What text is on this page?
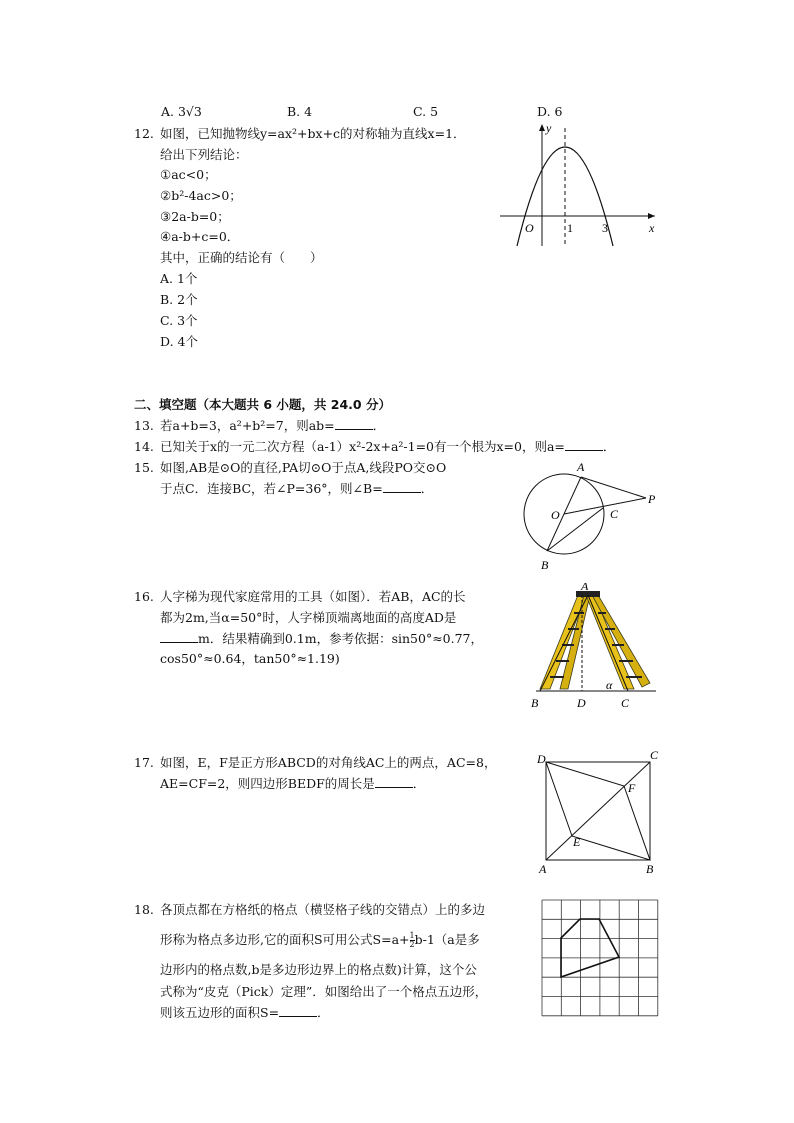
A. 3√3	B. 4	C. 5	D. 6
12. 如图，已知抛物线y=ax²+bx+c的对称轴为直线x=1．
给出下列结论：
①ac<0；
②b²-4ac>0；
③2a-b=0；
④a-b+c=0．
其中，正确的结论有（　　）
A. 1个
B. 2个
C. 3个
D. 4个
y
x
O	1 3
二、填空题（本大题共 6 小题，共 24.0 分）
13. 若a+b=3，a²+b²=7，则ab=	．
14. 已知关于x的一元二次方程（a-1）x²-2x+a²-1=0有一个根为x=0，则a=	．
15. 如图,AB是⊙O的直径,PA切⊙O于点A,线段PO交⊙O
于点C．连接BC，若∠P=36°，则∠B=	．
A
P
O	C
B
16. 人字梯为现代家庭常用的工具（如图）．若AB，AC的长
都为2m,当α=50°时，人字梯顶端离地面的高度AD是
m．结果精确到0.1m，参考依据：sin50°≈0.77，
cos50°≈0.64，tan50°≈1.19)
A
B	D	C
α
17. 如图，E，F是正方形ABCD的对角线AC上的两点，AC=8，
AE=CF=2，则四边形BEDF的周长是	．
D	C
F
E
A	B
18. 各顶点都在方格纸的格点（横竖格子线的交错点）上的多边
形称为格点多边形,它的面积S可用公式$S=a+ \frac{1}{2} b-1(a$是多
边形内的格点数,b是多边形边界上的格点数)计算，这个公
式称为“皮克（Pick）定理”．如图给出了一个格点五边形，
则该五边形的面积S=	．
